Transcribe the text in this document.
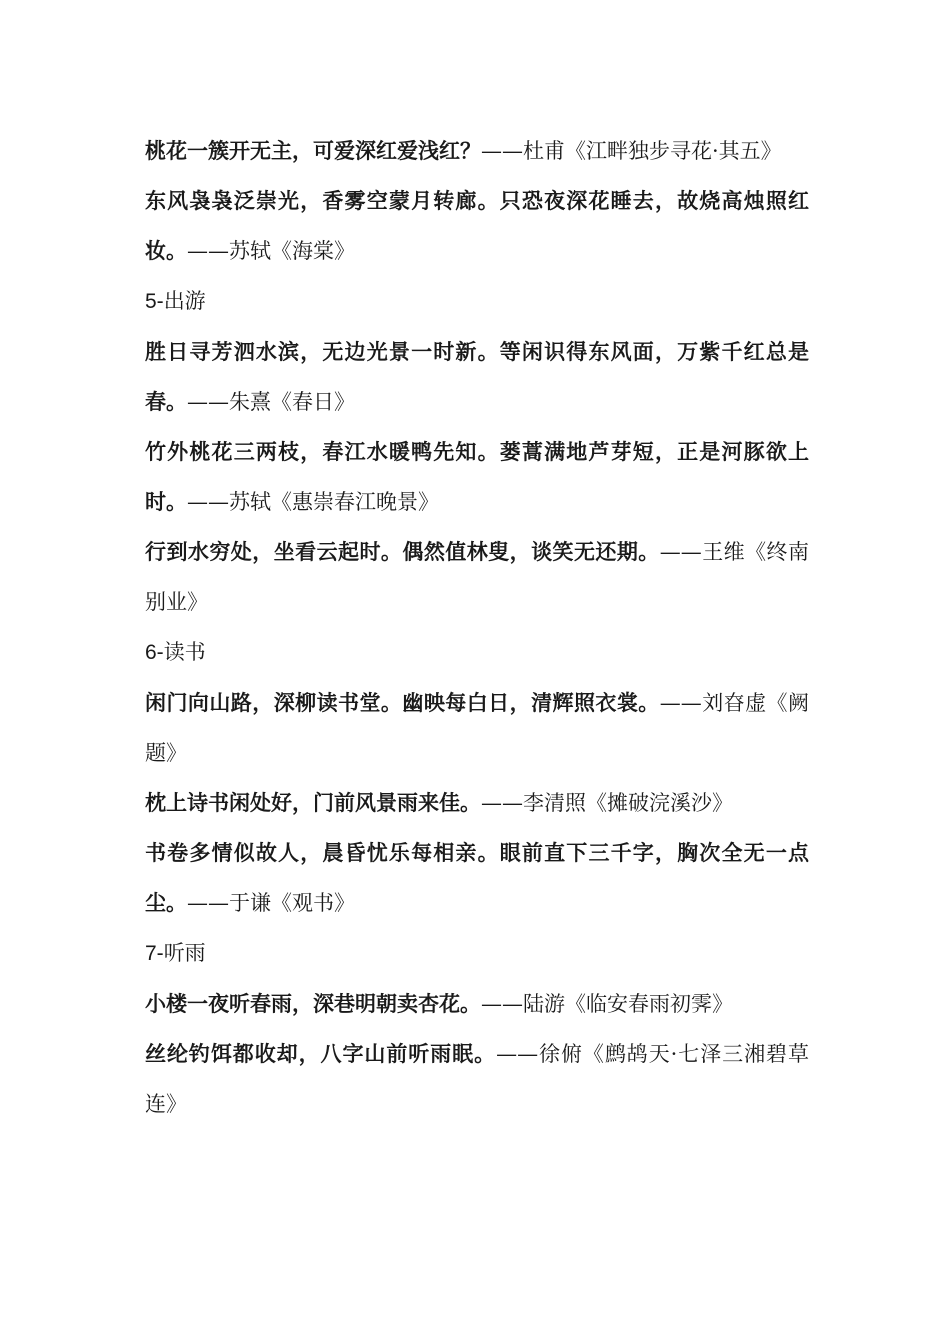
桃花一簇开无主，可爱深红爱浅红？——杜甫《江畔独步寻花·其五》

东风袅袅泛崇光，香雾空蒙月转廊。只恐夜深花睡去，故烧高烛照红妆。——苏轼《海棠》

5-出游

胜日寻芳泗水滨，无边光景一时新。等闲识得东风面，万紫千红总是春。——朱熹《春日》

竹外桃花三两枝，春江水暖鸭先知。蒌蒿满地芦芽短，正是河豚欲上时。——苏轼《惠崇春江晚景》

行到水穷处，坐看云起时。偶然值林叟，谈笑无还期。——王维《终南别业》

6-读书

闲门向山路，深柳读书堂。幽映每白日，清辉照衣裳。——刘昚虚《阙题》

枕上诗书闲处好，门前风景雨来佳。——李清照《摊破浣溪沙》

书卷多情似故人，晨昏忧乐每相亲。眼前直下三千字，胸次全无一点尘。——于谦《观书》

7-听雨

小楼一夜听春雨，深巷明朝卖杏花。——陆游《临安春雨初霁》

丝纶钓饵都收却，八字山前听雨眠。——徐俯《鹧鸪天·七泽三湘碧草连》
